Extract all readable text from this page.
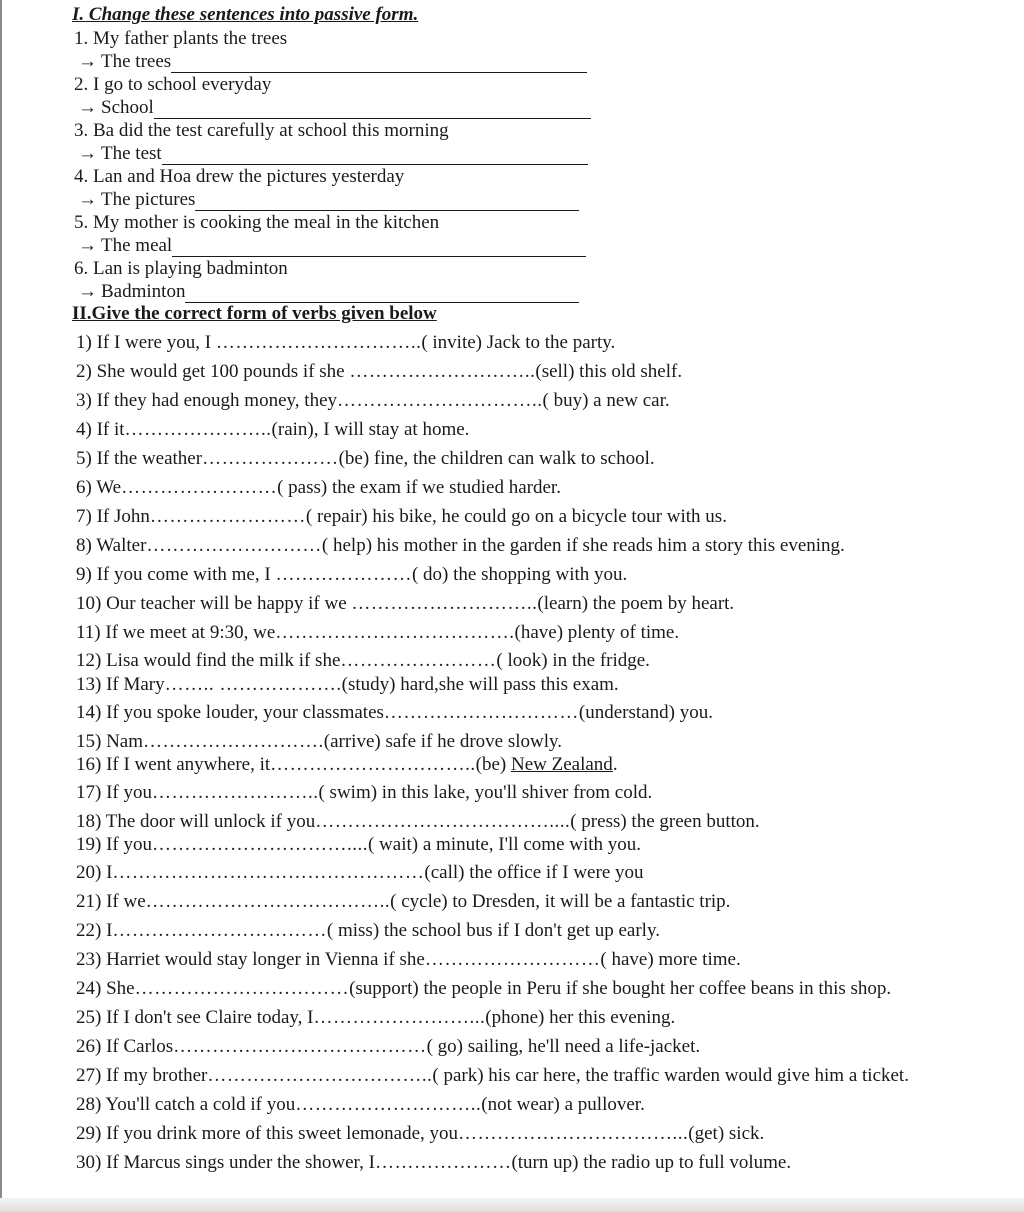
I. Change these sentences into passive form.
1. My father plants the trees
→ The trees
2. I go to school everyday
→ School
3. Ba did the test carefully at school this morning
→ The test
4. Lan and Hoa drew the pictures yesterday
→ The pictures
5. My mother is cooking the meal in the kitchen
→ The meal
6. Lan is playing badminton
→ Badminton
II.Give the correct form of verbs given below
1) If I were you, I …………………………..( invite) Jack to the party.
2) She would get 100 pounds if she ………………………..(sell) this old shelf.
3) If they had enough money, they…………………………..( buy) a new car.
4) If it…………………..(rain), I will stay at home.
5) If the weather…………………(be) fine, the children can walk to school.
6) We……………………( pass) the exam if we studied harder.
7) If John……………………( repair) his bike, he could go on a bicycle tour with us.
8) Walter………………………( help) his mother in the garden if she reads him a story this evening.
9) If you come with me, I …………………( do) the shopping with you.
10) Our teacher will be happy if we ………………………..(learn) the poem by heart.
11) If we meet at 9:30, we……………………………….(have) plenty of time.
12) Lisa would find the milk if she……………………( look) in the fridge.
13) If Mary…….. ……………….(study) hard,she will pass this exam.
14) If you spoke louder, your classmates…………………………(understand) you.
15) Nam……………………….(arrive) safe if he drove slowly.
16) If I went anywhere, it…………………………..(be) New Zealand.
17) If you……………………..( swim) in this lake, you'll shiver from cold.
18) The door will unlock if you………………………………....( press) the green button.
19) If you…………………………....( wait) a minute, I'll come with you.
20) I…………………………………………(call) the office if I were you
21) If we………………………………..( cycle) to Dresden, it will be a fantastic trip.
22) I……………………………( miss) the school bus if I don't get up early.
23) Harriet would stay longer in Vienna if she………………………( have) more time.
24) She……………………………(support) the people in Peru if she bought her coffee beans in this shop.
25) If I don't see Claire today, I……………………...(phone) her this evening.
26) If Carlos…………………………………( go) sailing, he'll need a life-jacket.
27) If my brother……………………………..( park) his car here, the traffic warden would give him a ticket.
28) You'll catch a cold if you………………………..(not wear) a pullover.
29) If you drink more of this sweet lemonade, you……………………………...(get) sick.
30) If Marcus sings under the shower, I…………………(turn up) the radio up to full volume.
